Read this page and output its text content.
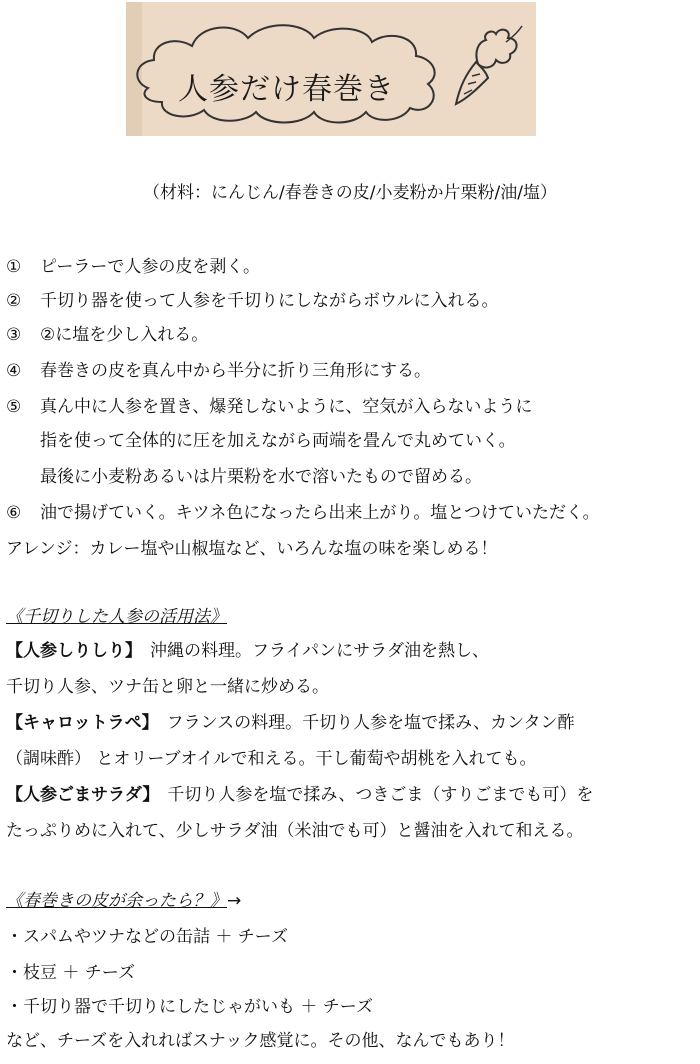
人参だけ春巻き
（材料：にんじん/春巻きの皮/小麦粉か片栗粉/油/塩）
① ピーラーで人参の皮を剥く。
② 千切り器を使って人参を千切りにしながらボウルに入れる。
③ ②に塩を少し入れる。
④ 春巻きの皮を真ん中から半分に折り三角形にする。
⑤ 真ん中に人参を置き、爆発しないように、空気が入らないように
指を使って全体的に圧を加えながら両端を畳んで丸めていく。
最後に小麦粉あるいは片栗粉を水で溶いたもので留める。
⑥ 油で揚げていく。キツネ色になったら出来上がり。塩とつけていただく。
アレンジ：カレー塩や山椒塩など、いろんな塩の味を楽しめる！
《千切りした人参の活用法》
【人参しりしり】 沖縄の料理。フライパンにサラダ油を熱し、
千切り人参、ツナ缶と卵と一緒に炒める。
【キャロットラペ】 フランスの料理。千切り人参を塩で揉み、カンタン酢
（調味酢） とオリーブオイルで和える。干し葡萄や胡桃を入れても。
【人参ごまサラダ】 千切り人参を塩で揉み、つきごま（すりごまでも可）を
たっぷりめに入れて、少しサラダ油（米油でも可）と醤油を入れて和える。
《春巻きの皮が余ったら？》→
・スパムやツナなどの缶詰 ＋ チーズ
・枝豆 ＋ チーズ
・千切り器で千切りにしたじゃがいも ＋ チーズ
など、チーズを入れればスナック感覚に。その他、なんでもあり！
